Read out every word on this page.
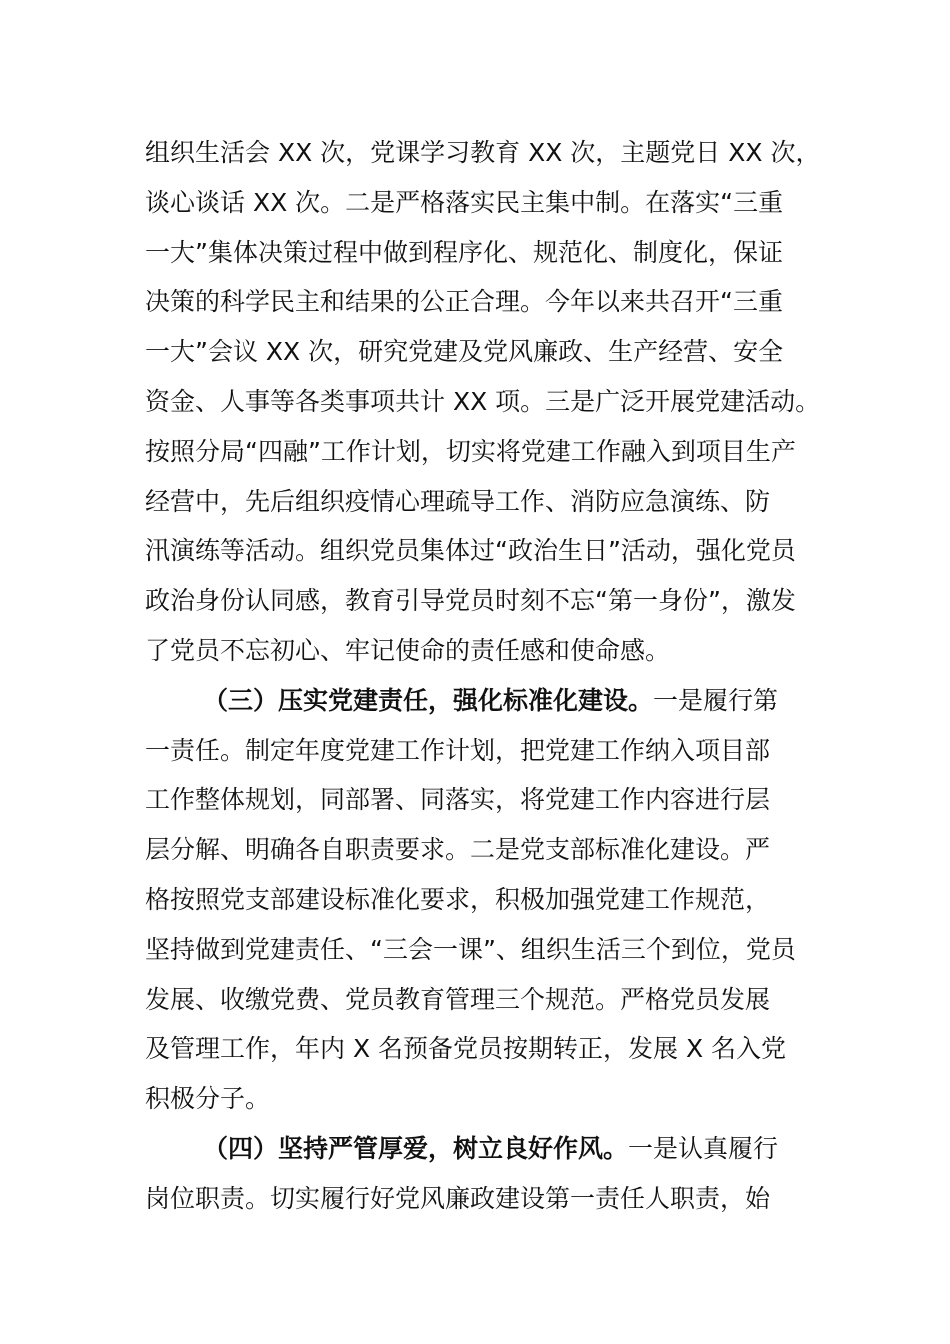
组织生活会 XX 次，党课学习教育 XX 次，主题党日 XX 次，
谈心谈话 XX 次。二是严格落实民主集中制。在落实“三重
一大”集体决策过程中做到程序化、规范化、制度化，保证
决策的科学民主和结果的公正合理。今年以来共召开“三重
一大”会议 XX 次，研究党建及党风廉政、生产经营、安全
资金、人事等各类事项共计 XX 项。三是广泛开展党建活动。
按照分局“四融”工作计划，切实将党建工作融入到项目生产
经营中，先后组织疫情心理疏导工作、消防应急演练、防
汛演练等活动。组织党员集体过“政治生日”活动，强化党员
政治身份认同感，教育引导党员时刻不忘“第一身份”，激发
了党员不忘初心、牢记使命的责任感和使命感。
（三）压实党建责任，强化标准化建设。一是履行第
一责任。制定年度党建工作计划，把党建工作纳入项目部
工作整体规划，同部署、同落实，将党建工作内容进行层
层分解、明确各自职责要求。二是党支部标准化建设。严
格按照党支部建设标准化要求，积极加强党建工作规范，
坚持做到党建责任、“三会一课”、组织生活三个到位，党员
发展、收缴党费、党员教育管理三个规范。严格党员发展
及管理工作，年内 X 名预备党员按期转正，发展 X 名入党
积极分子。
（四）坚持严管厚爱，树立良好作风。一是认真履行
岗位职责。切实履行好党风廉政建设第一责任人职责，始
